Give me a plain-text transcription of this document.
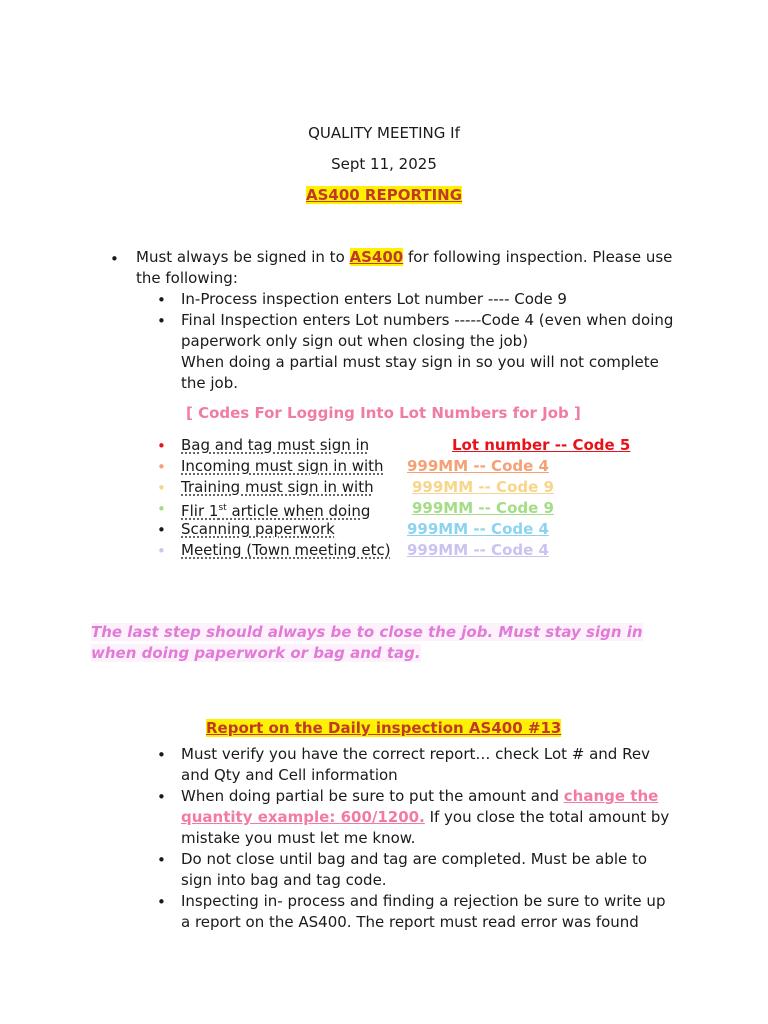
QUALITY MEETING If
Sept 11, 2025
AS400 REPORTING
• Must always be signed in to AS400 for following inspection. Please use
the following:
• In-Process inspection enters Lot number ---- Code 9
• Final Inspection enters Lot numbers -----Code 4 (even when doing
paperwork only sign out when closing the job)
When doing a partial must stay sign in so you will not complete
the job.
[ Codes For Logging Into Lot Numbers for Job ]
• Bag and tag must sign in	Lot number -- Code 5
• Incoming must sign in with 999MM -- Code 4
• Training must sign in with	999MM -- Code 9
• Flir 1st article when doing	999MM -- Code 9
• Scanning paperwork	999MM -- Code 4
• Meeting (Town meeting etc) 999MM -- Code 4
The last step should always be to close the job. Must stay sign in
when doing paperwork or bag and tag.
Report on the Daily inspection AS400 #13
• Must verify you have the correct report… check Lot # and Rev
and Qty and Cell information
• When doing partial be sure to put the amount and change the
quantity example: 600/1200. If you close the total amount by
mistake you must let me know.
• Do not close until bag and tag are completed. Must be able to
sign into bag and tag code.
• Inspecting in- process and finding a rejection be sure to write up
a report on the AS400. The report must read error was found
